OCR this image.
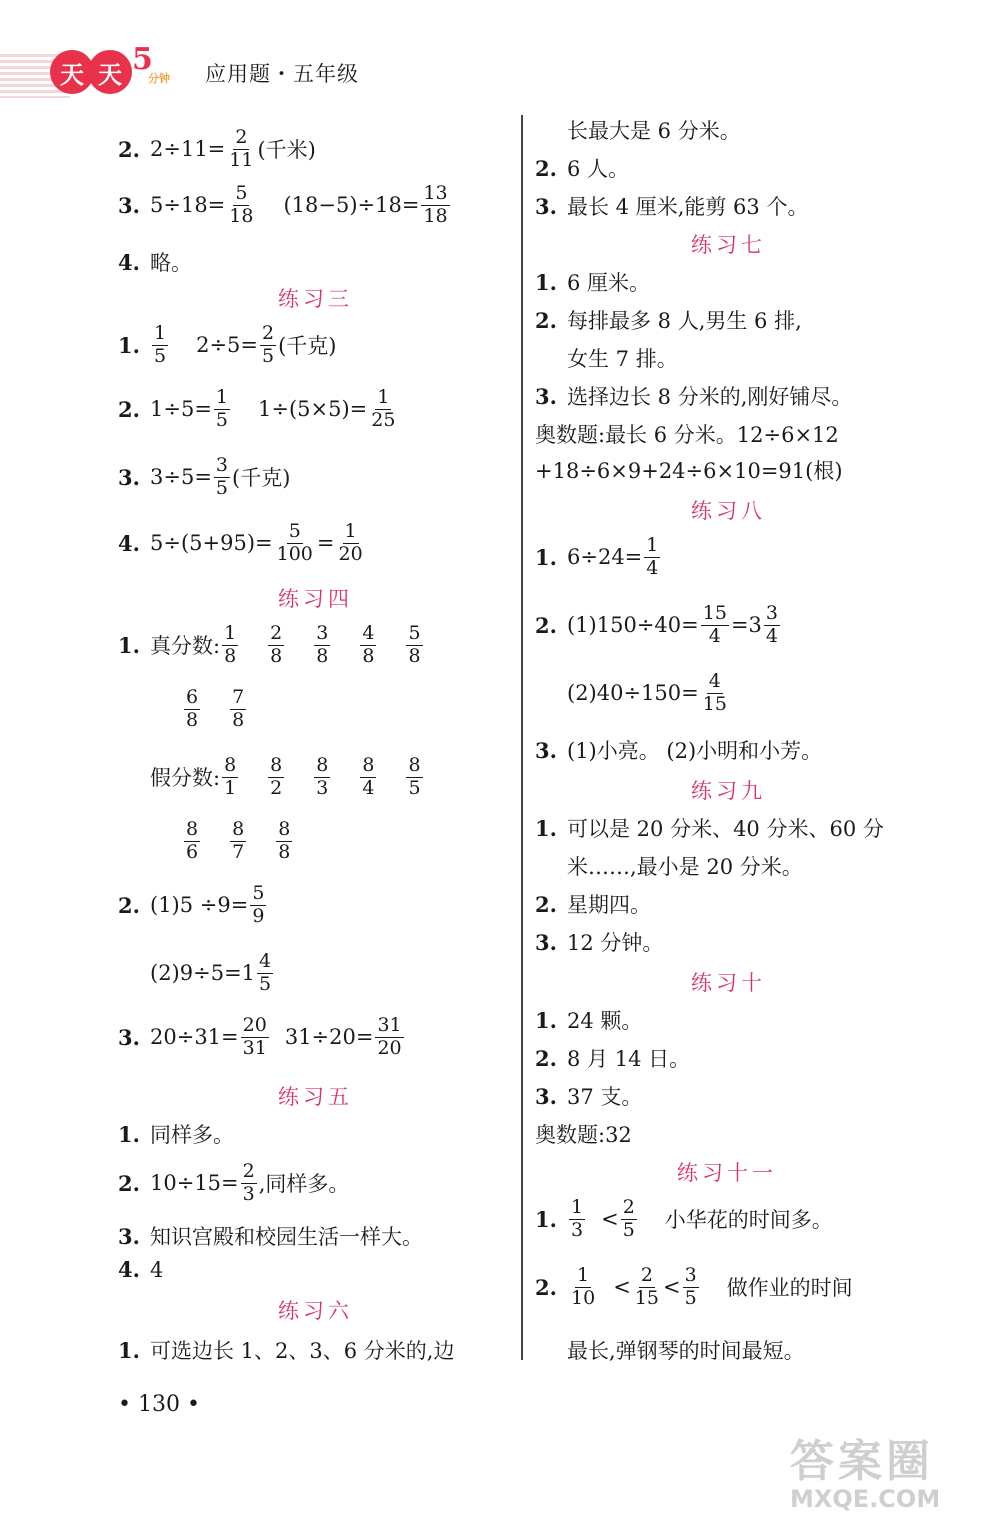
天 天 5
分钟 应用题・五年级
2. $2\div 11= \frac{2}{11}$ (千米)
3. $5\div 18= \frac{5}{18} (18-5)\div 18= \frac{13}{18}$
4. 略。
练习三
1. $\frac{1}{5} 2\div 5= \frac{2}{5}$ (千克)
2. $1\div 5= \frac{1}{5} 1\div(5\times 5)= \frac{1}{25}$
3. $3\div 5= \frac{3}{5}$ (千克)
4. $5\div(5+95)= \frac{5}{100} = \frac{1}{20}$
练习四
1. 真分数: $\frac{1}{8} \frac{2}{8} \frac{3}{8} \frac{4}{8} \frac{5}{8}$
$\frac{6}{8} \frac{7}{8}$
假分数: $\frac{8}{1} \frac{8}{2} \frac{8}{3} \frac{8}{4} \frac{8}{5}$
$\frac{8}{6} \frac{8}{7} \frac{8}{8}$
2. $(1)5 \div 9= \frac{5}{9}$
$(2)9\div 5=1 \frac{4}{5}$
3. $20\div 31= \frac{20}{31} 31\div 20= \frac{31}{20}$
练习五
1. 同样多。
2. $10\div 15= \frac{2}{3}$ ,同样多。
3. 知识宫殿和校园生活一样大。
4. 4
练习六
1. 可选边长 1、2、3、6 分米的,边
长最大是 6 分米。
2. 6 人。
3. 最长 4 厘米,能剪 63 个。
练习七
1. 6 厘米。
2. 每排最多 8 人,男生 6 排,
女生 7 排。
3. 选择边长 8 分米的,刚好铺尽。
奥数题:最长 6 分米。12÷6×12
+18÷6×9+24÷6×10=91(根)
练习八
1. $6\div 24= \frac{1}{4}$
2. $(1)150\div 40= \frac{15}{4} =3 \frac{3}{4}$
$(2)40\div 150= \frac{4}{15}$
3. (1)小亮。 (2)小明和小芳。
练习九
1. 可以是 20 分米、40 分米、60 分
米……,最小是 20 分米。
2. 星期四。
3. 12 分钟。
练习十
1. 24 颗。
2. 8 月 14 日。
3. 37 支。
奥数题:32
练习十一
1. $\frac{1}{3} < \frac{2}{5}$ 小华花的时间多。
2. $\frac{1}{10} < \frac{2}{15} < \frac{3}{5}$ 做作业的时间
最长,弹钢琴的时间最短。
• 130 •
答案圈
MXQE.COM
